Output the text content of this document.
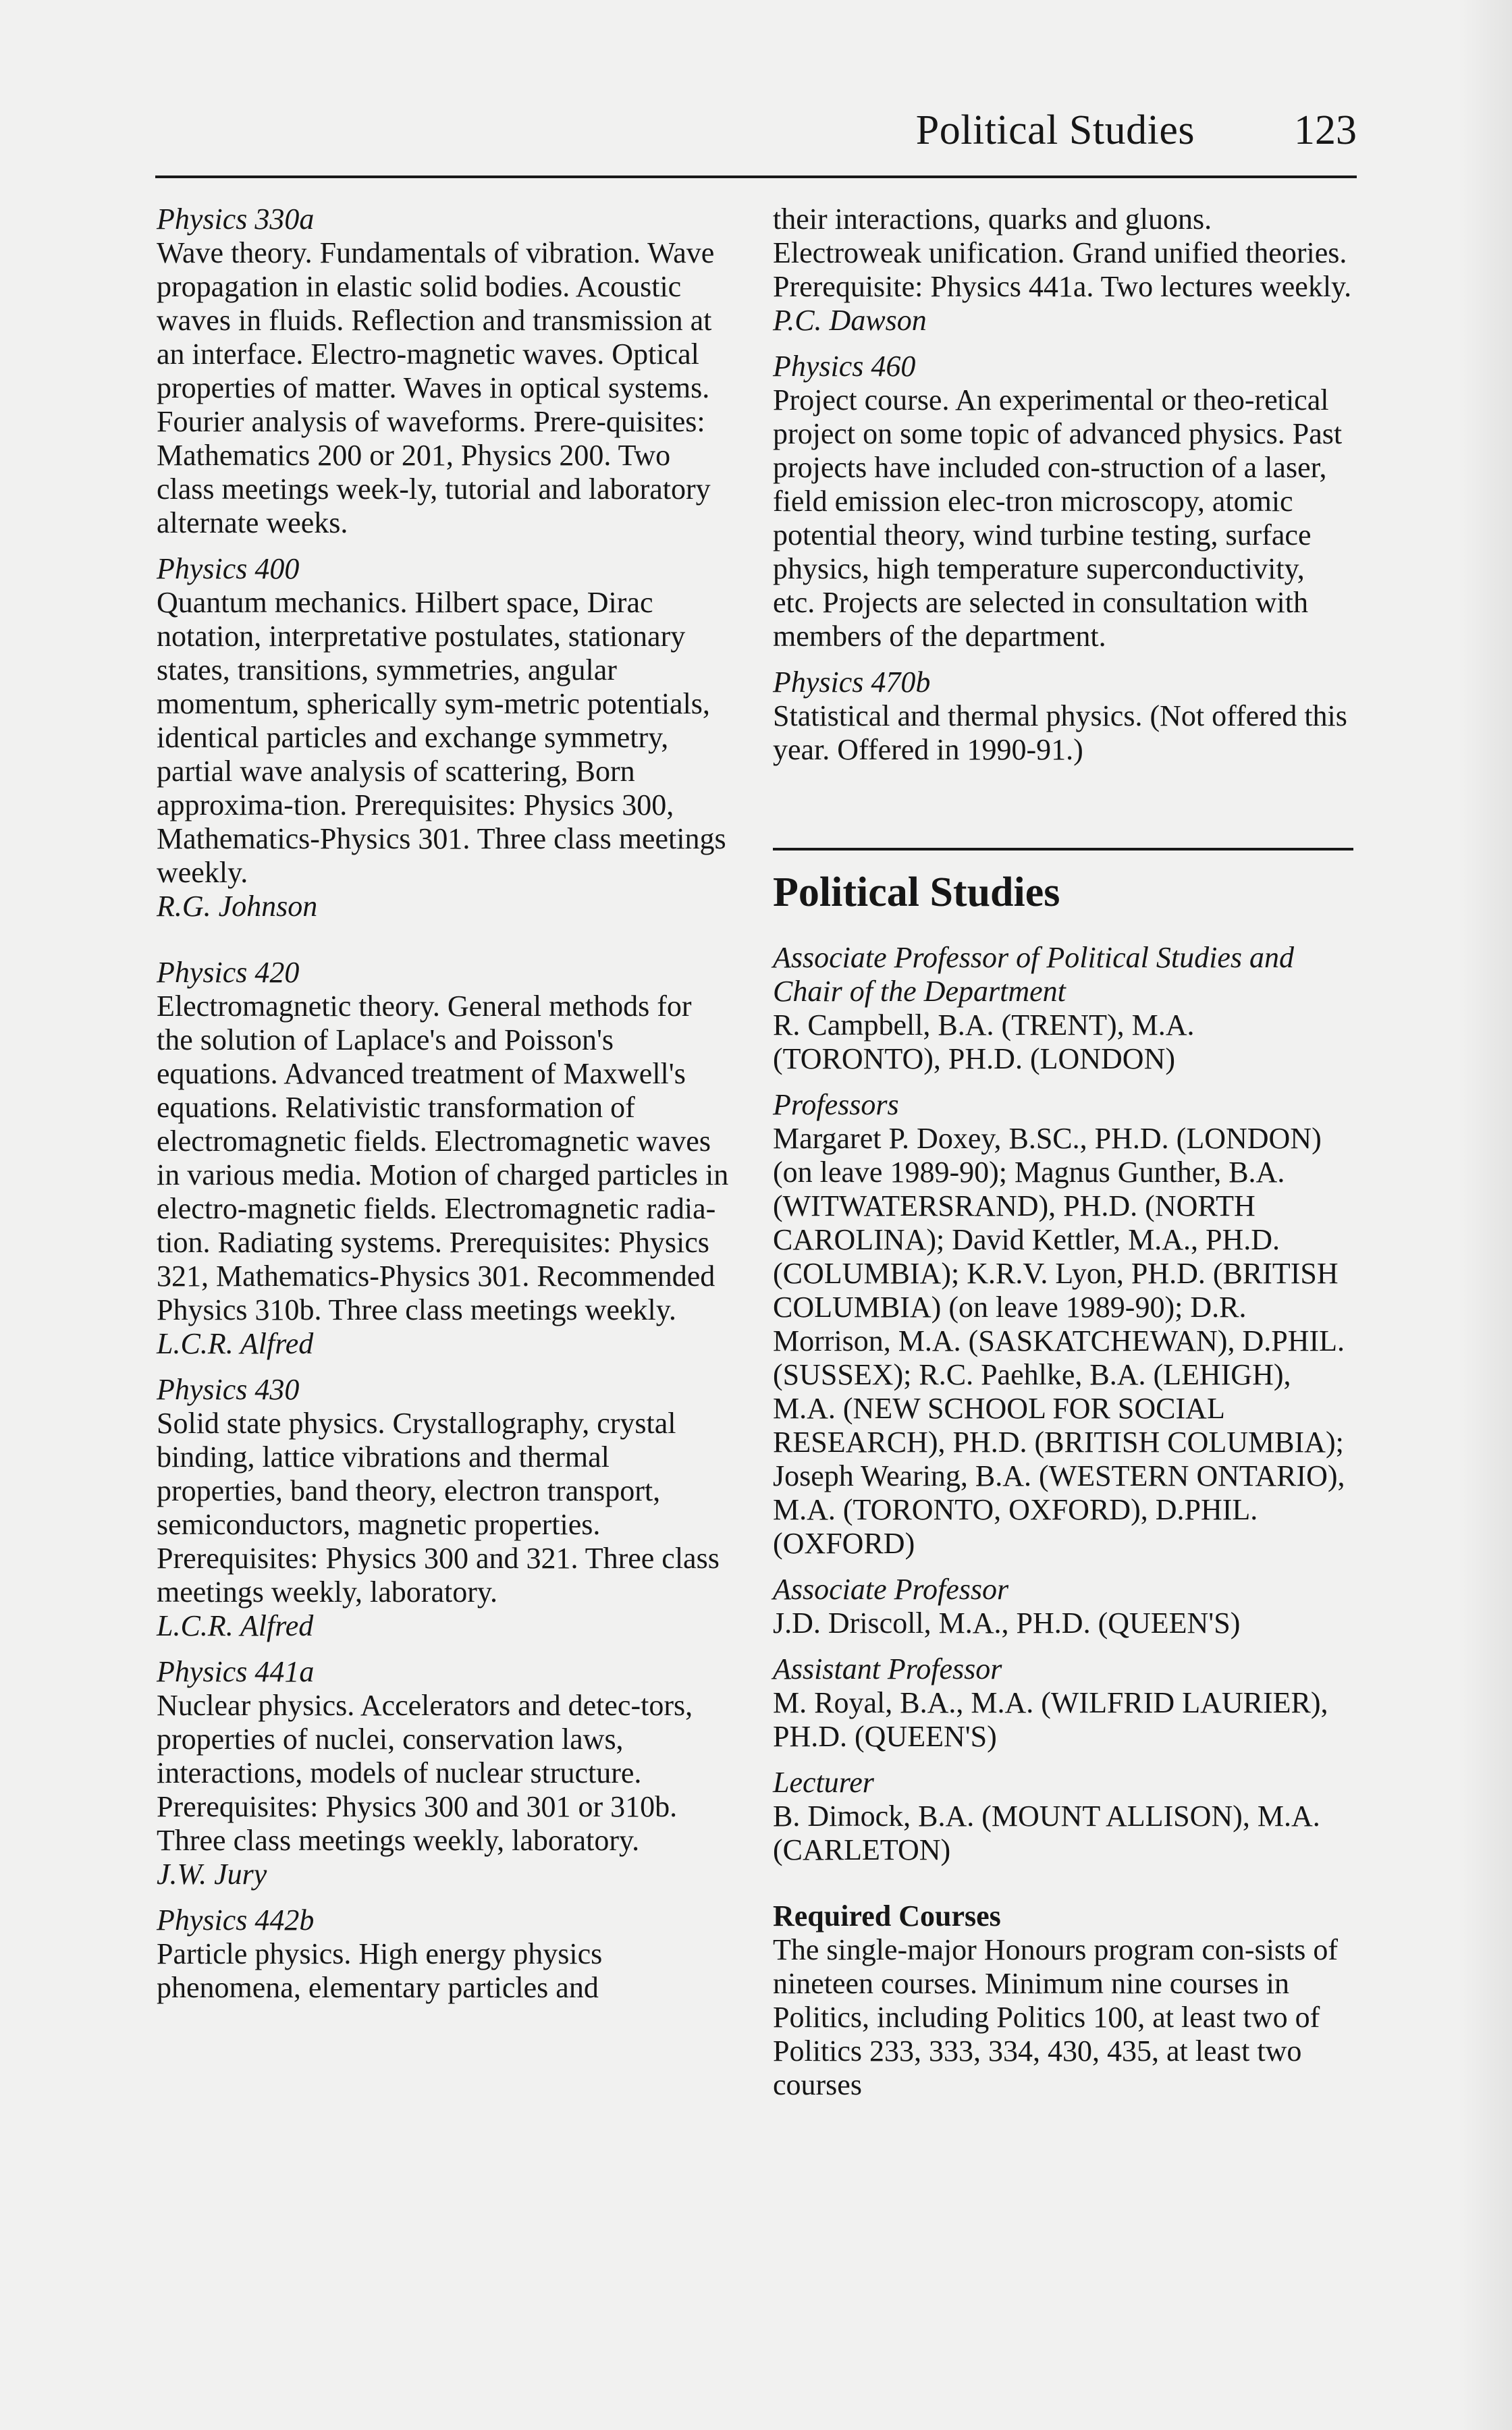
Political Studies 123
Physics 330a
Wave theory. Fundamentals of vibration. Wave propagation in elastic solid bodies. Acoustic waves in fluids. Reflection and transmission at an interface. Electro-magnetic waves. Optical properties of matter. Waves in optical systems. Fourier analysis of waveforms. Prere-quisites: Mathematics 200 or 201, Physics 200. Two class meetings week-ly, tutorial and laboratory alternate weeks.
Physics 400
Quantum mechanics. Hilbert space, Dirac notation, interpretative postulates, stationary states, transitions, symmetries, angular momentum, spherically sym-metric potentials, identical particles and exchange symmetry, partial wave analysis of scattering, Born approxima-tion. Prerequisites: Physics 300, Mathematics-Physics 301. Three class meetings weekly.
R.G. Johnson
Physics 420
Electromagnetic theory. General methods for the solution of Laplace's and Poisson's equations. Advanced treatment of Maxwell's equations. Relativistic transformation of electromagnetic fields. Electromagnetic waves in various media. Motion of charged particles in electro-magnetic fields. Electromagnetic radia-tion. Radiating systems. Prerequisites: Physics 321, Mathematics-Physics 301. Recommended Physics 310b. Three class meetings weekly.
L.C.R. Alfred
Physics 430
Solid state physics. Crystallography, crystal binding, lattice vibrations and thermal properties, band theory, electron transport, semiconductors, magnetic properties. Prerequisites: Physics 300 and 321. Three class meetings weekly, laboratory.
L.C.R. Alfred
Physics 441a
Nuclear physics. Accelerators and detec-tors, properties of nuclei, conservation laws, interactions, models of nuclear structure. Prerequisites: Physics 300 and 301 or 310b. Three class meetings weekly, laboratory.
J.W. Jury
Physics 442b
Particle physics. High energy physics phenomena, elementary particles and
their interactions, quarks and gluons. Electroweak unification. Grand unified theories. Prerequisite: Physics 441a. Two lectures weekly.
P.C. Dawson
Physics 460
Project course. An experimental or theo-retical project on some topic of advanced physics. Past projects have included con-struction of a laser, field emission elec-tron microscopy, atomic potential theory, wind turbine testing, surface physics, high temperature superconductivity, etc. Projects are selected in consultation with members of the department.
Physics 470b
Statistical and thermal physics. (Not offered this year. Offered in 1990-91.)
Political Studies
Associate Professor of Political Studies and Chair of the Department
R. Campbell, B.A. (TRENT), M.A. (TORONTO), PH.D. (LONDON)
Professors
Margaret P. Doxey, B.SC., PH.D. (LONDON) (on leave 1989-90); Magnus Gunther, B.A. (WITWATERSRAND), PH.D. (NORTH CAROLINA); David Kettler, M.A., PH.D. (COLUMBIA); K.R.V. Lyon, PH.D. (BRITISH COLUMBIA) (on leave 1989-90); D.R. Morrison, M.A. (SASKATCHEWAN), D.PHIL. (SUSSEX); R.C. Paehlke, B.A. (LEHIGH), M.A. (NEW SCHOOL FOR SOCIAL RESEARCH), PH.D. (BRITISH COLUMBIA); Joseph Wearing, B.A. (WESTERN ONTARIO), M.A. (TORONTO, OXFORD), D.PHIL. (OXFORD)
Associate Professor
J.D. Driscoll, M.A., PH.D. (QUEEN'S)
Assistant Professor
M. Royal, B.A., M.A. (WILFRID LAURIER), PH.D. (QUEEN'S)
Lecturer
B. Dimock, B.A. (MOUNT ALLISON), M.A. (CARLETON)
Required Courses
The single-major Honours program con-sists of nineteen courses. Minimum nine courses in Politics, including Politics 100, at least two of Politics 233, 333, 334, 430, 435, at least two courses
